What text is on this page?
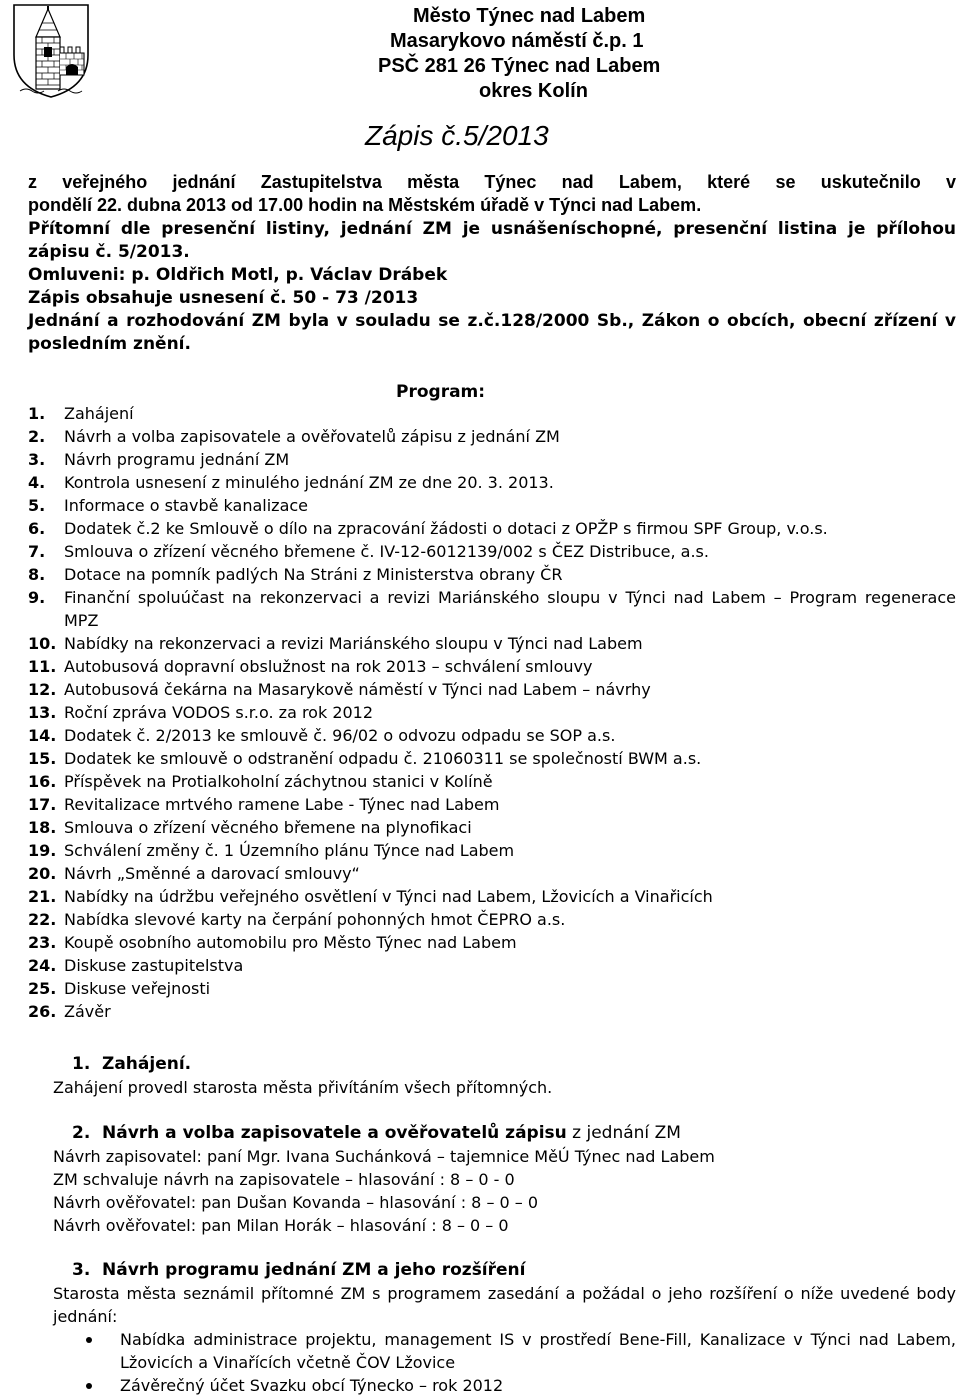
Město Týnec nad Labem
Masarykovo náměstí č.p. 1
PSČ 281 26 Týnec nad Labem
okres Kolín
Zápis č.5/2013
z veřejného jednání Zastupitelstva města Týnec nad Labem, které se uskutečnilo v
pondělí 22. dubna 2013 od 17.00 hodin na Městském úřadě v Týnci nad Labem.
Přítomní dle presenční listiny, jednání ZM je usnášeníschopné, presenční listina je přílohou zápisu č. 5/2013.
Omluveni: p. Oldřich Motl, p. Václav Drábek
Zápis obsahuje usnesení č. 50 - 73 /2013
Jednání a rozhodování ZM byla v souladu se z.č.128/2000 Sb., Zákon o obcích, obecní zřízení v posledním znění.
Program:
1.	Zahájení
2.	Návrh a volba zapisovatele a ověřovatelů zápisu z jednání ZM
3.	Návrh programu jednání ZM
4.	Kontrola usnesení z minulého jednání ZM ze dne 20. 3. 2013.
5.	Informace o stavbě kanalizace
6.	Dodatek č.2 ke Smlouvě o dílo na zpracování žádosti o dotaci z OPŽP s firmou SPF Group, v.o.s.
7.	Smlouva o zřízení věcného břemene č. IV-12-6012139/002 s ČEZ Distribuce, a.s.
8.	Dotace na pomník padlých Na Stráni z Ministerstva obrany ČR
9.	Finanční spoluúčast na rekonzervaci a revizi Mariánského sloupu v Týnci nad Labem – Program regenerace MPZ
10. Nabídky na rekonzervaci a revizi Mariánského sloupu v Týnci nad Labem
11. Autobusová dopravní obslužnost na rok 2013 – schválení smlouvy
12. Autobusová čekárna na Masarykově náměstí v Týnci nad Labem – návrhy
13. Roční zpráva VODOS s.r.o. za rok 2012
14. Dodatek č. 2/2013 ke smlouvě č. 96/02 o odvozu odpadu se SOP a.s.
15. Dodatek ke smlouvě o odstranění odpadu č. 21060311 se společností BWM a.s.
16. Příspěvek na Protialkoholní záchytnou stanici v Kolíně
17. Revitalizace mrtvého ramene Labe - Týnec nad Labem
18. Smlouva o zřízení věcného břemene na plynofikaci
19. Schválení změny č. 1 Územního plánu Týnce nad Labem
20. Návrh „Směnné a darovací smlouvy“
21. Nabídky na údržbu veřejného osvětlení v Týnci nad Labem, Lžovicích a Vinařicích
22. Nabídka slevové karty na čerpání pohonných hmot ČEPRO a.s.
23. Koupě osobního automobilu pro Město Týnec nad Labem
24. Diskuse zastupitelstva
25. Diskuse veřejnosti
26. Závěr
1. Zahájení.
Zahájení provedl starosta města přivítáním všech přítomných.
2. Návrh a volba zapisovatele a ověřovatelů zápisu z jednání ZM
Návrh zapisovatel: paní Mgr. Ivana Suchánková – tajemnice MěÚ Týnec nad Labem
ZM schvaluje návrh na zapisovatele – hlasování : 8 – 0 - 0
Návrh ověřovatel: pan Dušan Kovanda – hlasování : 8 – 0 – 0
Návrh ověřovatel: pan Milan Horák – hlasování : 8 – 0 – 0
3. Návrh programu jednání ZM a jeho rozšíření
Starosta města seznámil přítomné ZM s programem zasedání a požádal o jeho rozšíření o níže uvedené body jednání:
Nabídka administrace projektu, management IS v prostředí Bene-Fill, Kanalizace v Týnci nad Labem, Lžovicích a Vinařících včetně ČOV Lžovice
Závěrečný účet Svazku obcí Týnecko – rok 2012
